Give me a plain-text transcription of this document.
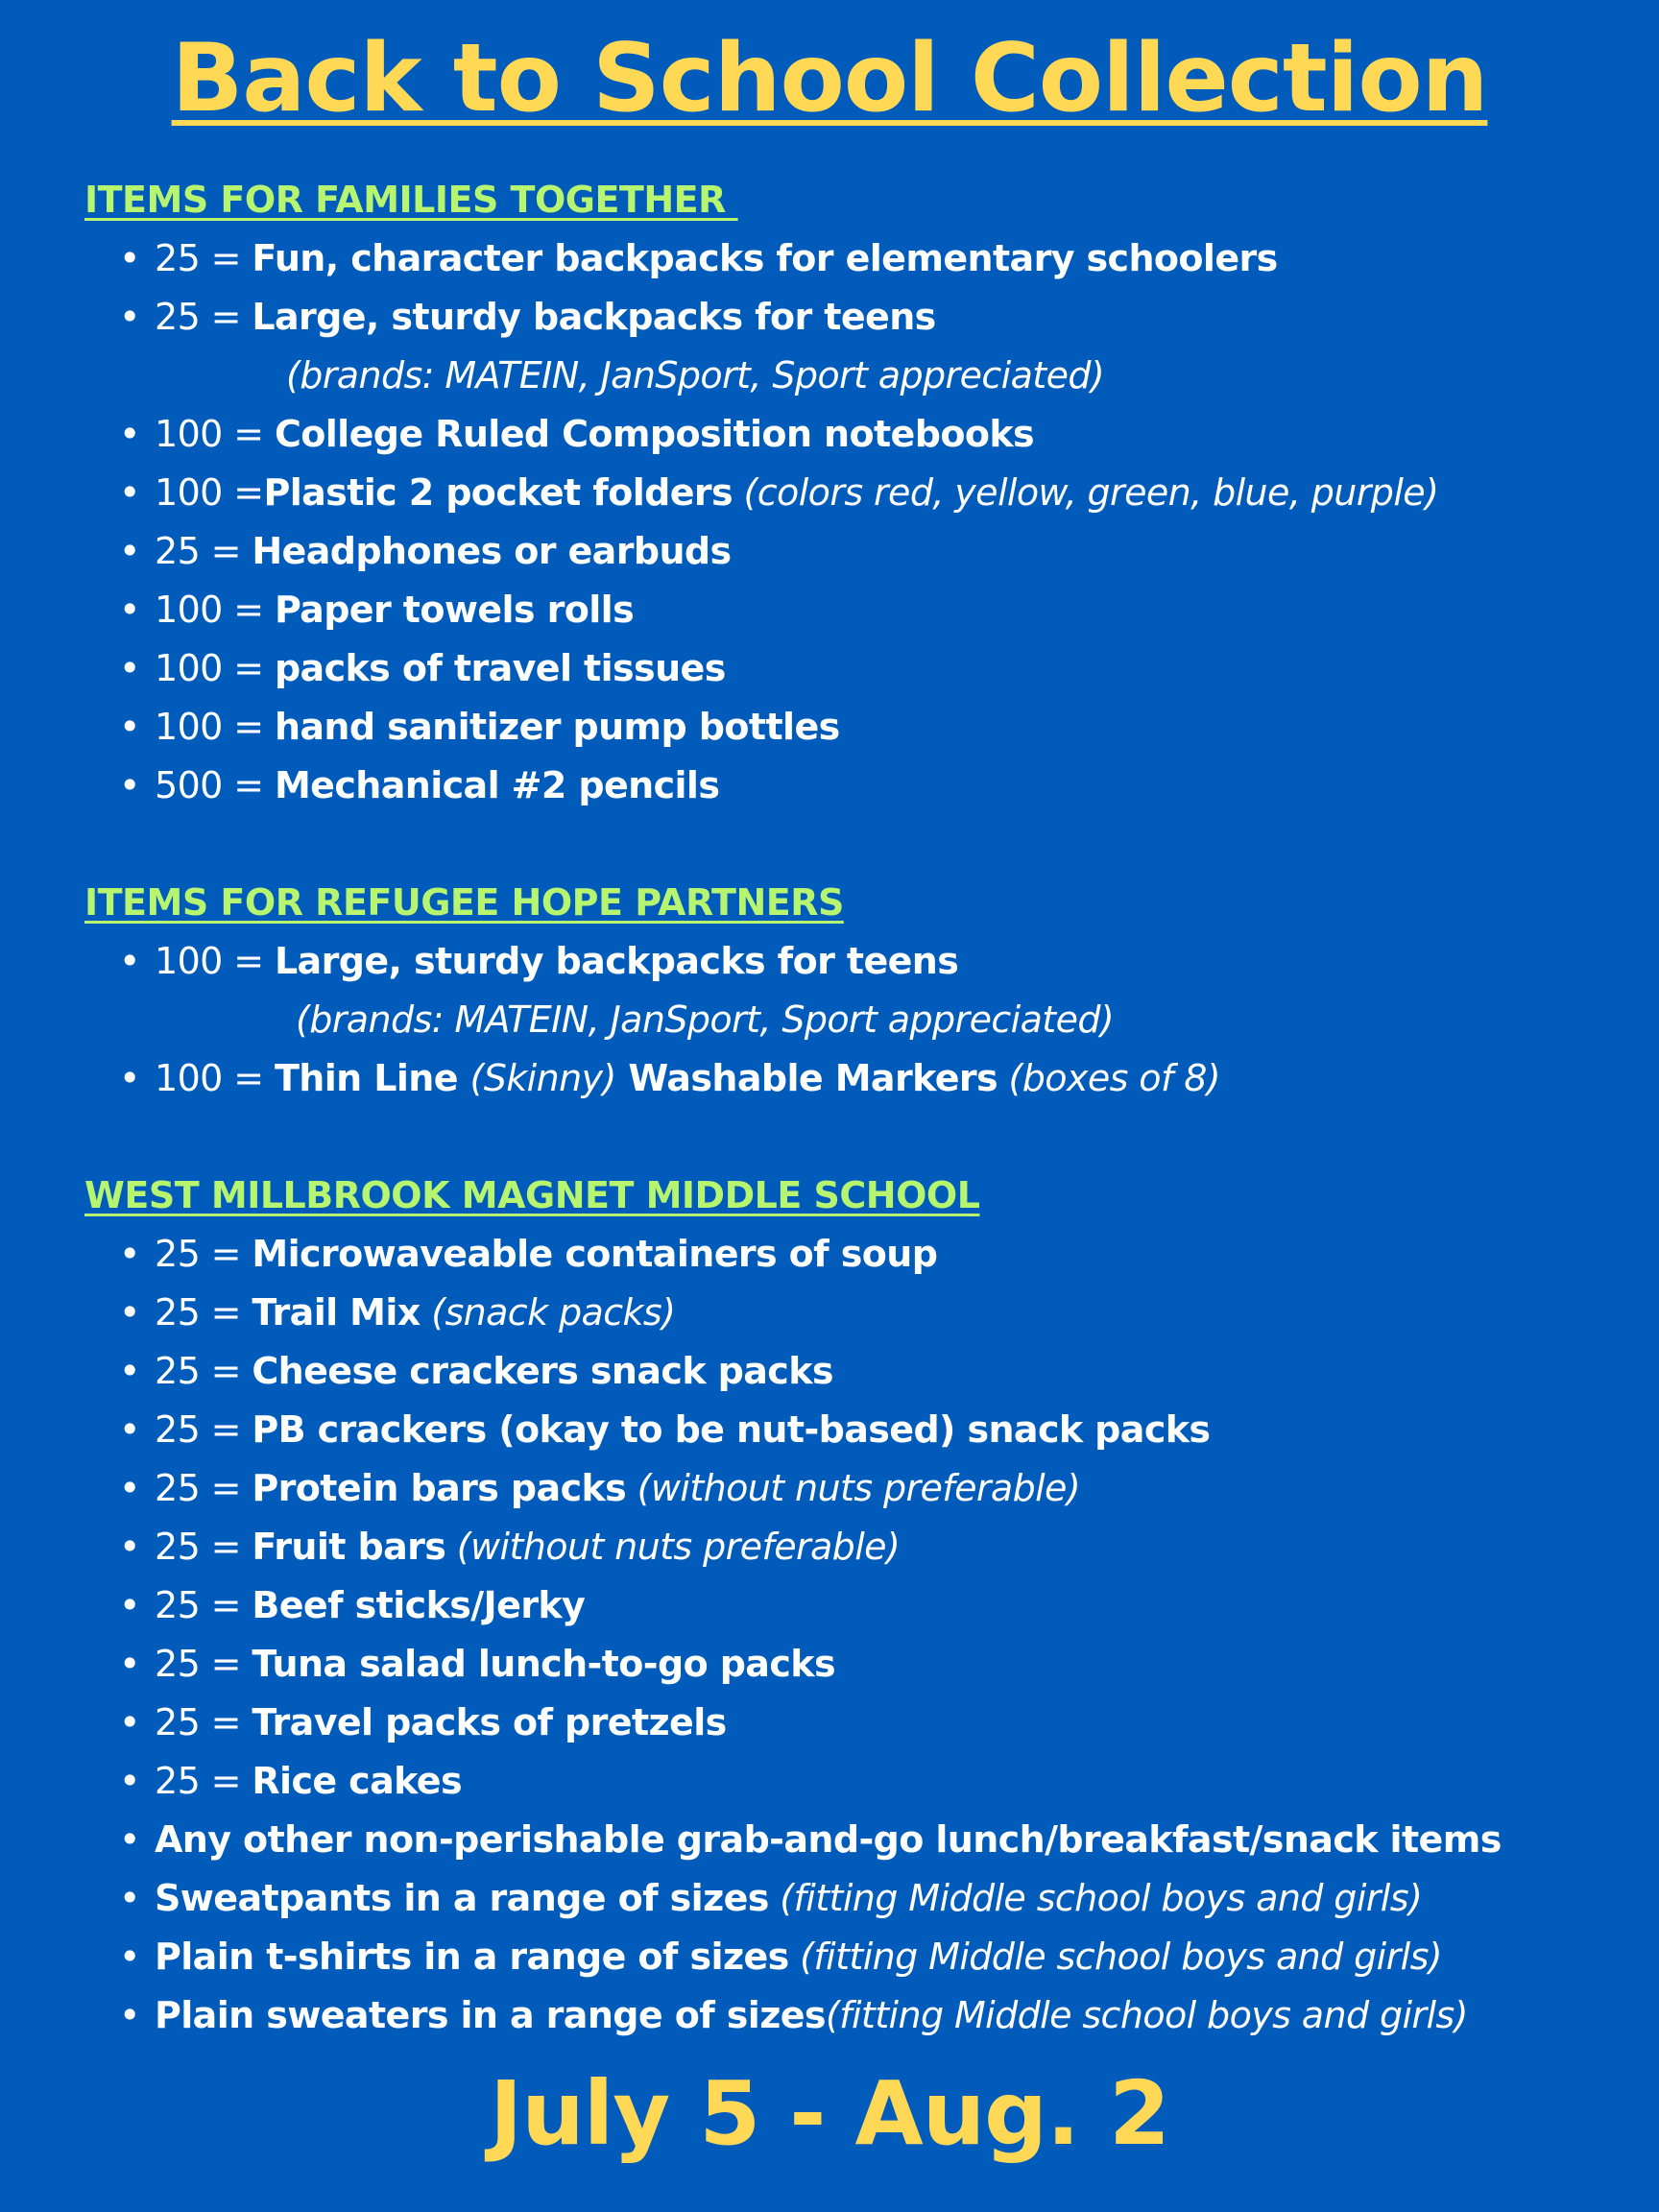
Back to School Collection
ITEMS FOR FAMILIES TOGETHER
• 25 = Fun, character backpacks for elementary schoolers
• 25 = Large, sturdy backpacks for teens
(brands: MATEIN, JanSport, Sport appreciated)
• 100 = College Ruled Composition notebooks
• 100 =Plastic 2 pocket folders (colors red, yellow, green, blue, purple)
• 25 = Headphones or earbuds
• 100 = Paper towels rolls
• 100 = packs of travel tissues
• 100 = hand sanitizer pump bottles
• 500 = Mechanical #2 pencils
ITEMS FOR REFUGEE HOPE PARTNERS
• 100 = Large, sturdy backpacks for teens
(brands: MATEIN, JanSport, Sport appreciated)
• 100 = Thin Line (Skinny) Washable Markers (boxes of 8)
WEST MILLBROOK MAGNET MIDDLE SCHOOL
• 25 = Microwaveable containers of soup
• 25 = Trail Mix (snack packs)
• 25 = Cheese crackers snack packs
• 25 = PB crackers (okay to be nut-based) snack packs
• 25 = Protein bars packs (without nuts preferable)
• 25 = Fruit bars (without nuts preferable)
• 25 = Beef sticks/Jerky
• 25 = Tuna salad lunch-to-go packs
• 25 = Travel packs of pretzels
• 25 = Rice cakes
• Any other non-perishable grab-and-go lunch/breakfast/snack items
• Sweatpants in a range of sizes (fitting Middle school boys and girls)
• Plain t-shirts in a range of sizes (fitting Middle school boys and girls)
• Plain sweaters in a range of sizes(fitting Middle school boys and girls)
July 5 - Aug. 2
